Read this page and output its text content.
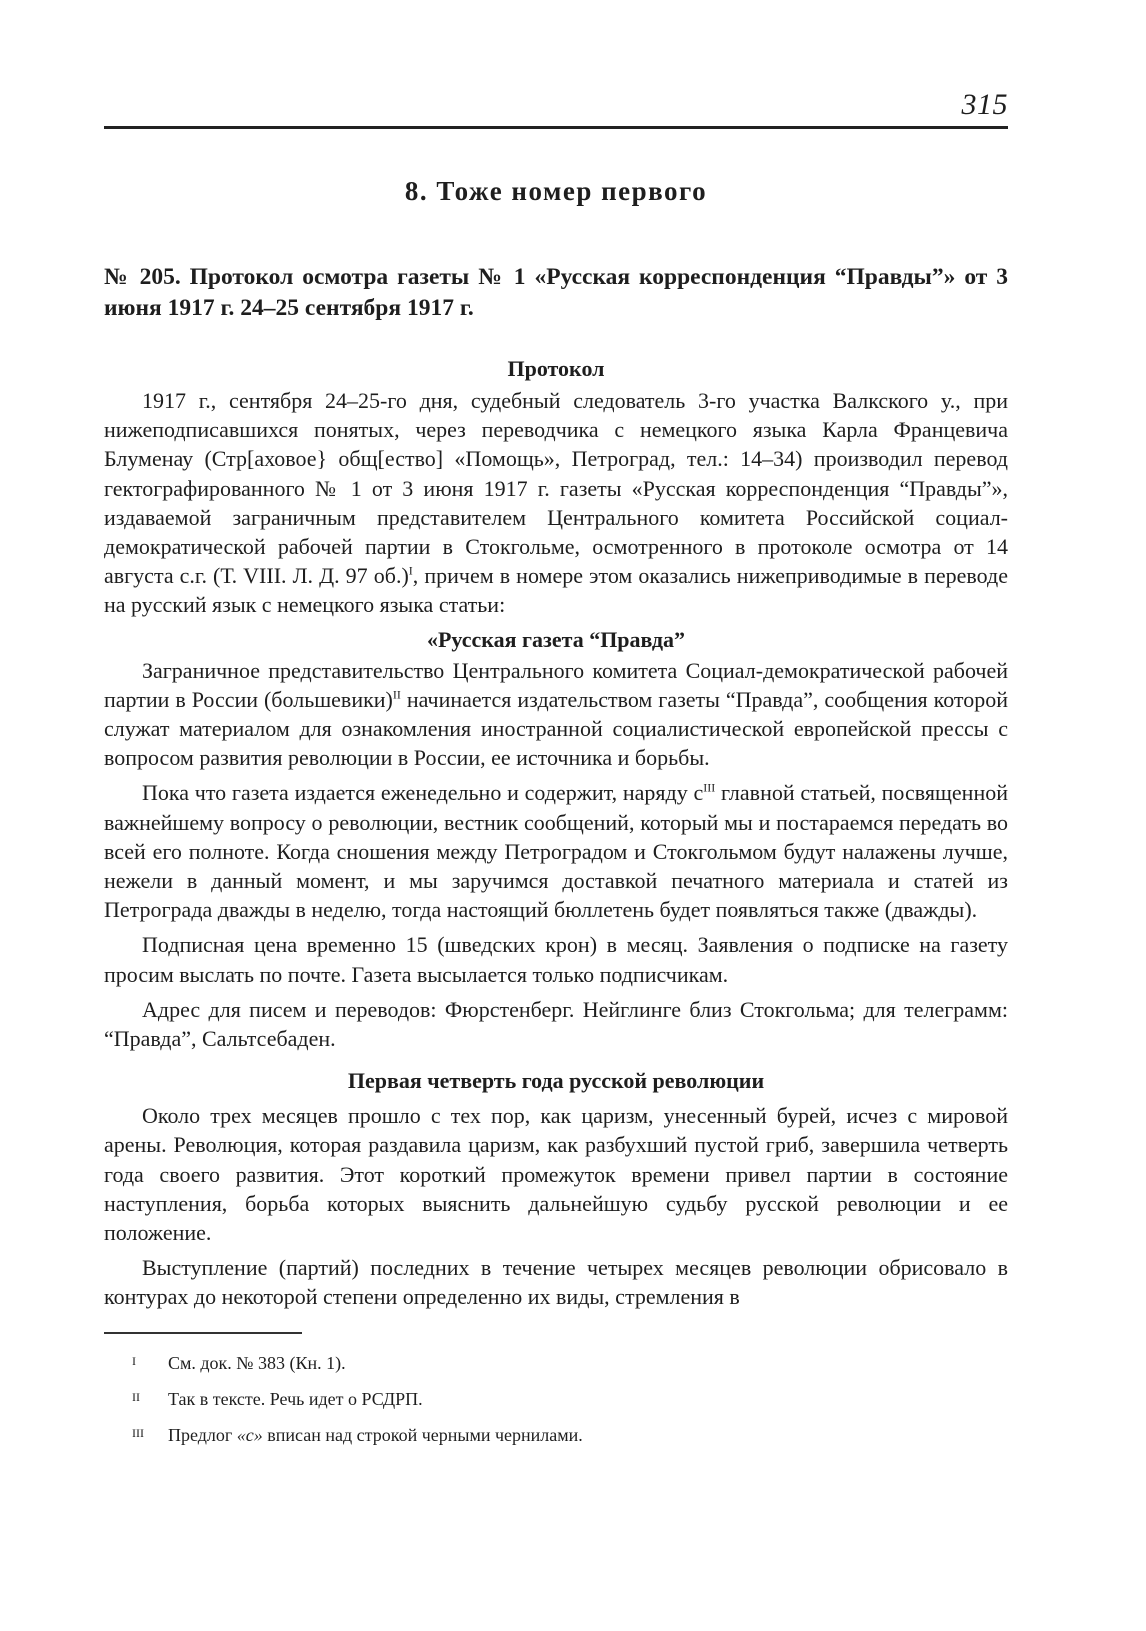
315
8. Тоже номер первого
№ 205. Протокол осмотра газеты № 1 «Русская корреспонденция “Правды”» от 3 июня 1917 г. 24–25 сентября 1917 г.
Протокол

1917 г., сентября 24–25-го дня, судебный следователь 3-го участка Валкского у., при нижеподписавшихся понятых, через переводчика с немецкого языка Карла Францевича Блуменау (Стр[аховое} общ[ество] «Помощь», Петроград, тел.: 14–34) производил перевод гектографированного № 1 от 3 июня 1917 г. газеты «Русская корреспонденция “Правды”», издаваемой заграничным представителем Центрального комитета Российской социал-демократической рабочей партии в Стокгольме, осмотренного в протоколе осмотра от 14 августа с.г. (Т. VIII. Л. Д. 97 об.)$^I$, причем в номере этом оказались нижеприводимые в переводе на русский язык с немецкого языка статьи:

«Русская газета “Правда”

Заграничное представительство Центрального комитета Социал-демократической рабочей партии в России (большевики)$^{II}$ начинается издательством газеты “Правда”, сообщения которой служат материалом для ознакомления иностранной социалистической европейской прессы с вопросом развития революции в России, ее источника и борьбы.

Пока что газета издается еженедельно и содержит, наряду $с^{III}$ главной статьей, посвященной важнейшему вопросу о революции, вестник сообщений, который мы и постараемся передать во всей его полноте. Когда сношения между Петроградом и Стокгольмом будут налажены лучше, нежели в данный момент, и мы заручимся доставкой печатного материала и статей из Петрограда дважды в неделю, тогда настоящий бюллетень будет появляться также (дважды).

Подписная цена временно 15 (шведских крон) в месяц. Заявления о подписке на газету просим выслать по почте. Газета высылается только подписчикам.

Адрес для писем и переводов: Фюрстенберг. Нейглинге близ Стокгольма; для телеграмм: “Правда”, Сальтсебаден.

Первая четверть года русской революции

Около трех месяцев прошло с тех пор, как царизм, унесенный бурей, исчез с мировой арены. Революция, которая раздавила царизм, как разбухший пустой гриб, завершила четверть года своего развития. Этот короткий промежуток времени привел партии в состояние наступления, борьба которых выяснить дальнейшую судьбу русской революции и ее положение.

Выступление (партий) последних в течение четырех месяцев революции обрисовало в контурах до некоторой степени определенно их виды, стремления в

I См. док. № 383 (Кн. 1).
II Так в тексте. Речь идет о РСДРП.
III Предлог «с» вписан над строкой черными чернилами.
